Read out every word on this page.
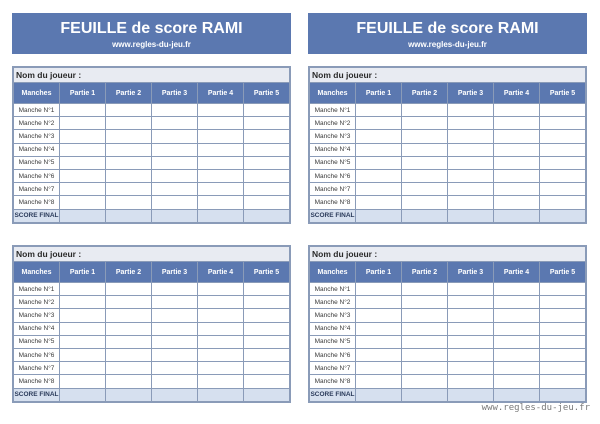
FEUILLE de score RAMI
www.regles-du-jeu.fr
FEUILLE de score RAMI
www.regles-du-jeu.fr
Nom du joueur :					
Manches	Partie 1	Partie 2	Partie 3	Partie 4	Partie 5
Manche N°1					
Manche N°2					
Manche N°3					
Manche N°4					
Manche N°5					
Manche N°6					
Manche N°7					
Manche N°8					
SCORE FINAL					
Nom du joueur :					
Manches	Partie 1	Partie 2	Partie 3	Partie 4	Partie 5
Manche N°1					
Manche N°2					
Manche N°3					
Manche N°4					
Manche N°5					
Manche N°6					
Manche N°7					
Manche N°8					
SCORE FINAL					
Nom du joueur :					
Manches	Partie 1	Partie 2	Partie 3	Partie 4	Partie 5
Manche N°1					
Manche N°2					
Manche N°3					
Manche N°4					
Manche N°5					
Manche N°6					
Manche N°7					
Manche N°8					
SCORE FINAL					
Nom du joueur :					
Manches	Partie 1	Partie 2	Partie 3	Partie 4	Partie 5
Manche N°1					
Manche N°2					
Manche N°3					
Manche N°4					
Manche N°5					
Manche N°6					
Manche N°7					
Manche N°8					
SCORE FINAL					
www.regles-du-jeu.fr
